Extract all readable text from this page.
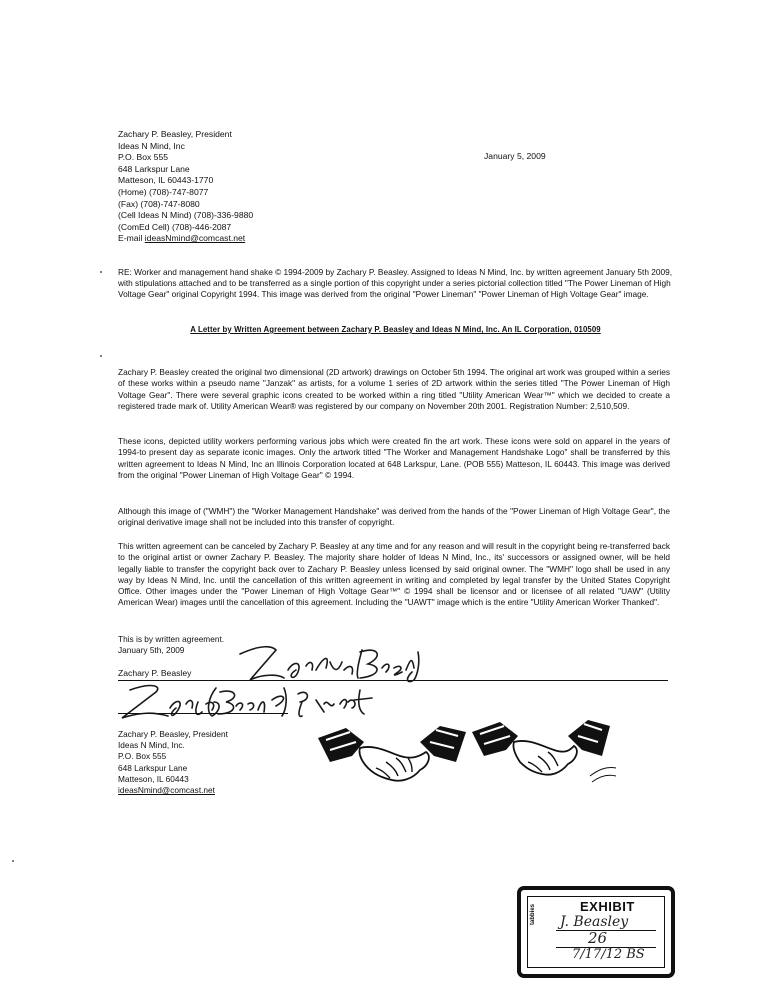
Zachary P. Beasley, President
Ideas N Mind, Inc
P.O. Box 555
648 Larkspur Lane
Matteson, IL 60443-1770
(Home) (708)-747-8077
(Fax) (708)-747-8080
(Cell Ideas N Mind) (708)-336-9880
(ComEd Cell) (708)-446-2087
E-mail ideasNmind@comcast.net
January 5, 2009
RE: Worker and management hand shake © 1994-2009 by Zachary P. Beasley. Assigned to Ideas N Mind, Inc. by written agreement January 5th 2009, with stipulations attached and to be transferred as a single portion of this copyright under a series pictorial collection titled "The Power Lineman of High Voltage Gear" original Copyright 1994. This image was derived from the original "Power Lineman" "Power Lineman of High Voltage Gear" image.
A Letter by Written Agreement between Zachary P. Beasley and Ideas N Mind, Inc. An IL Corporation, 010509
Zachary P. Beasley created the original two dimensional (2D artwork) drawings on October 5th 1994. The original art work was grouped within a series of these works within a pseudo name "Janzak" as artists, for a volume 1 series of 2D artwork within the series titled "The Power Lineman of High Voltage Gear". There were several graphic icons created to be worked within a ring titled "Utility American Wear™" which we decided to create a registered trade mark of. Utility American Wear® was registered by our company on November 20th 2001. Registration Number: 2,510,509.
These icons, depicted utility workers performing various jobs which were created fin the art work. These icons were sold on apparel in the years of 1994-to present day as separate iconic images. Only the artwork titled "The Worker and Management Handshake Logo" shall be transferred by this written agreement to Ideas N Mind, Inc an Illinois Corporation located at 648 Larkspur, Lane. (POB 555) Matteson, IL 60443. This image was derived from the original "Power Lineman of High Voltage Gear" © 1994.
Although this image of ("WMH") the "Worker Management Handshake" was derived from the hands of the "Power Lineman of High Voltage Gear", the original derivative image shall not be included into this transfer of copyright.
This written agreement can be canceled by Zachary P. Beasley at any time and for any reason and will result in the copyright being re-transferred back to the original artist or owner Zachary P. Beasley. The majority share holder of Ideas N Mind, Inc., its' successors or assigned owner, will be held legally liable to transfer the copyright back over to Zachary P. Beasley unless licensed by said original owner. The "WMH" logo shall be used in any way by Ideas N Mind, Inc. until the cancellation of this written agreement in writing and completed by legal transfer by the United States Copyright Office. Other images under the "Power Lineman of High Voltage Gear™" © 1994 shall be licensor and or licensee of all related "UAW" (Utility American Wear) images until the cancellation of this agreement. Including the "UAWT" image which is the entire "Utility American Worker Thanked".
This is by written agreement.
January 5th, 2009
Zachary P. Beasley
Zachary P. Beasley, President
Ideas N Mind, Inc.
P.O. Box 555
648 Larkspur Lane
Matteson, IL 60443
ideasNmind@comcast.net
EXHIBIT
tabbies J. Beasley
26
7/17/12 BS
